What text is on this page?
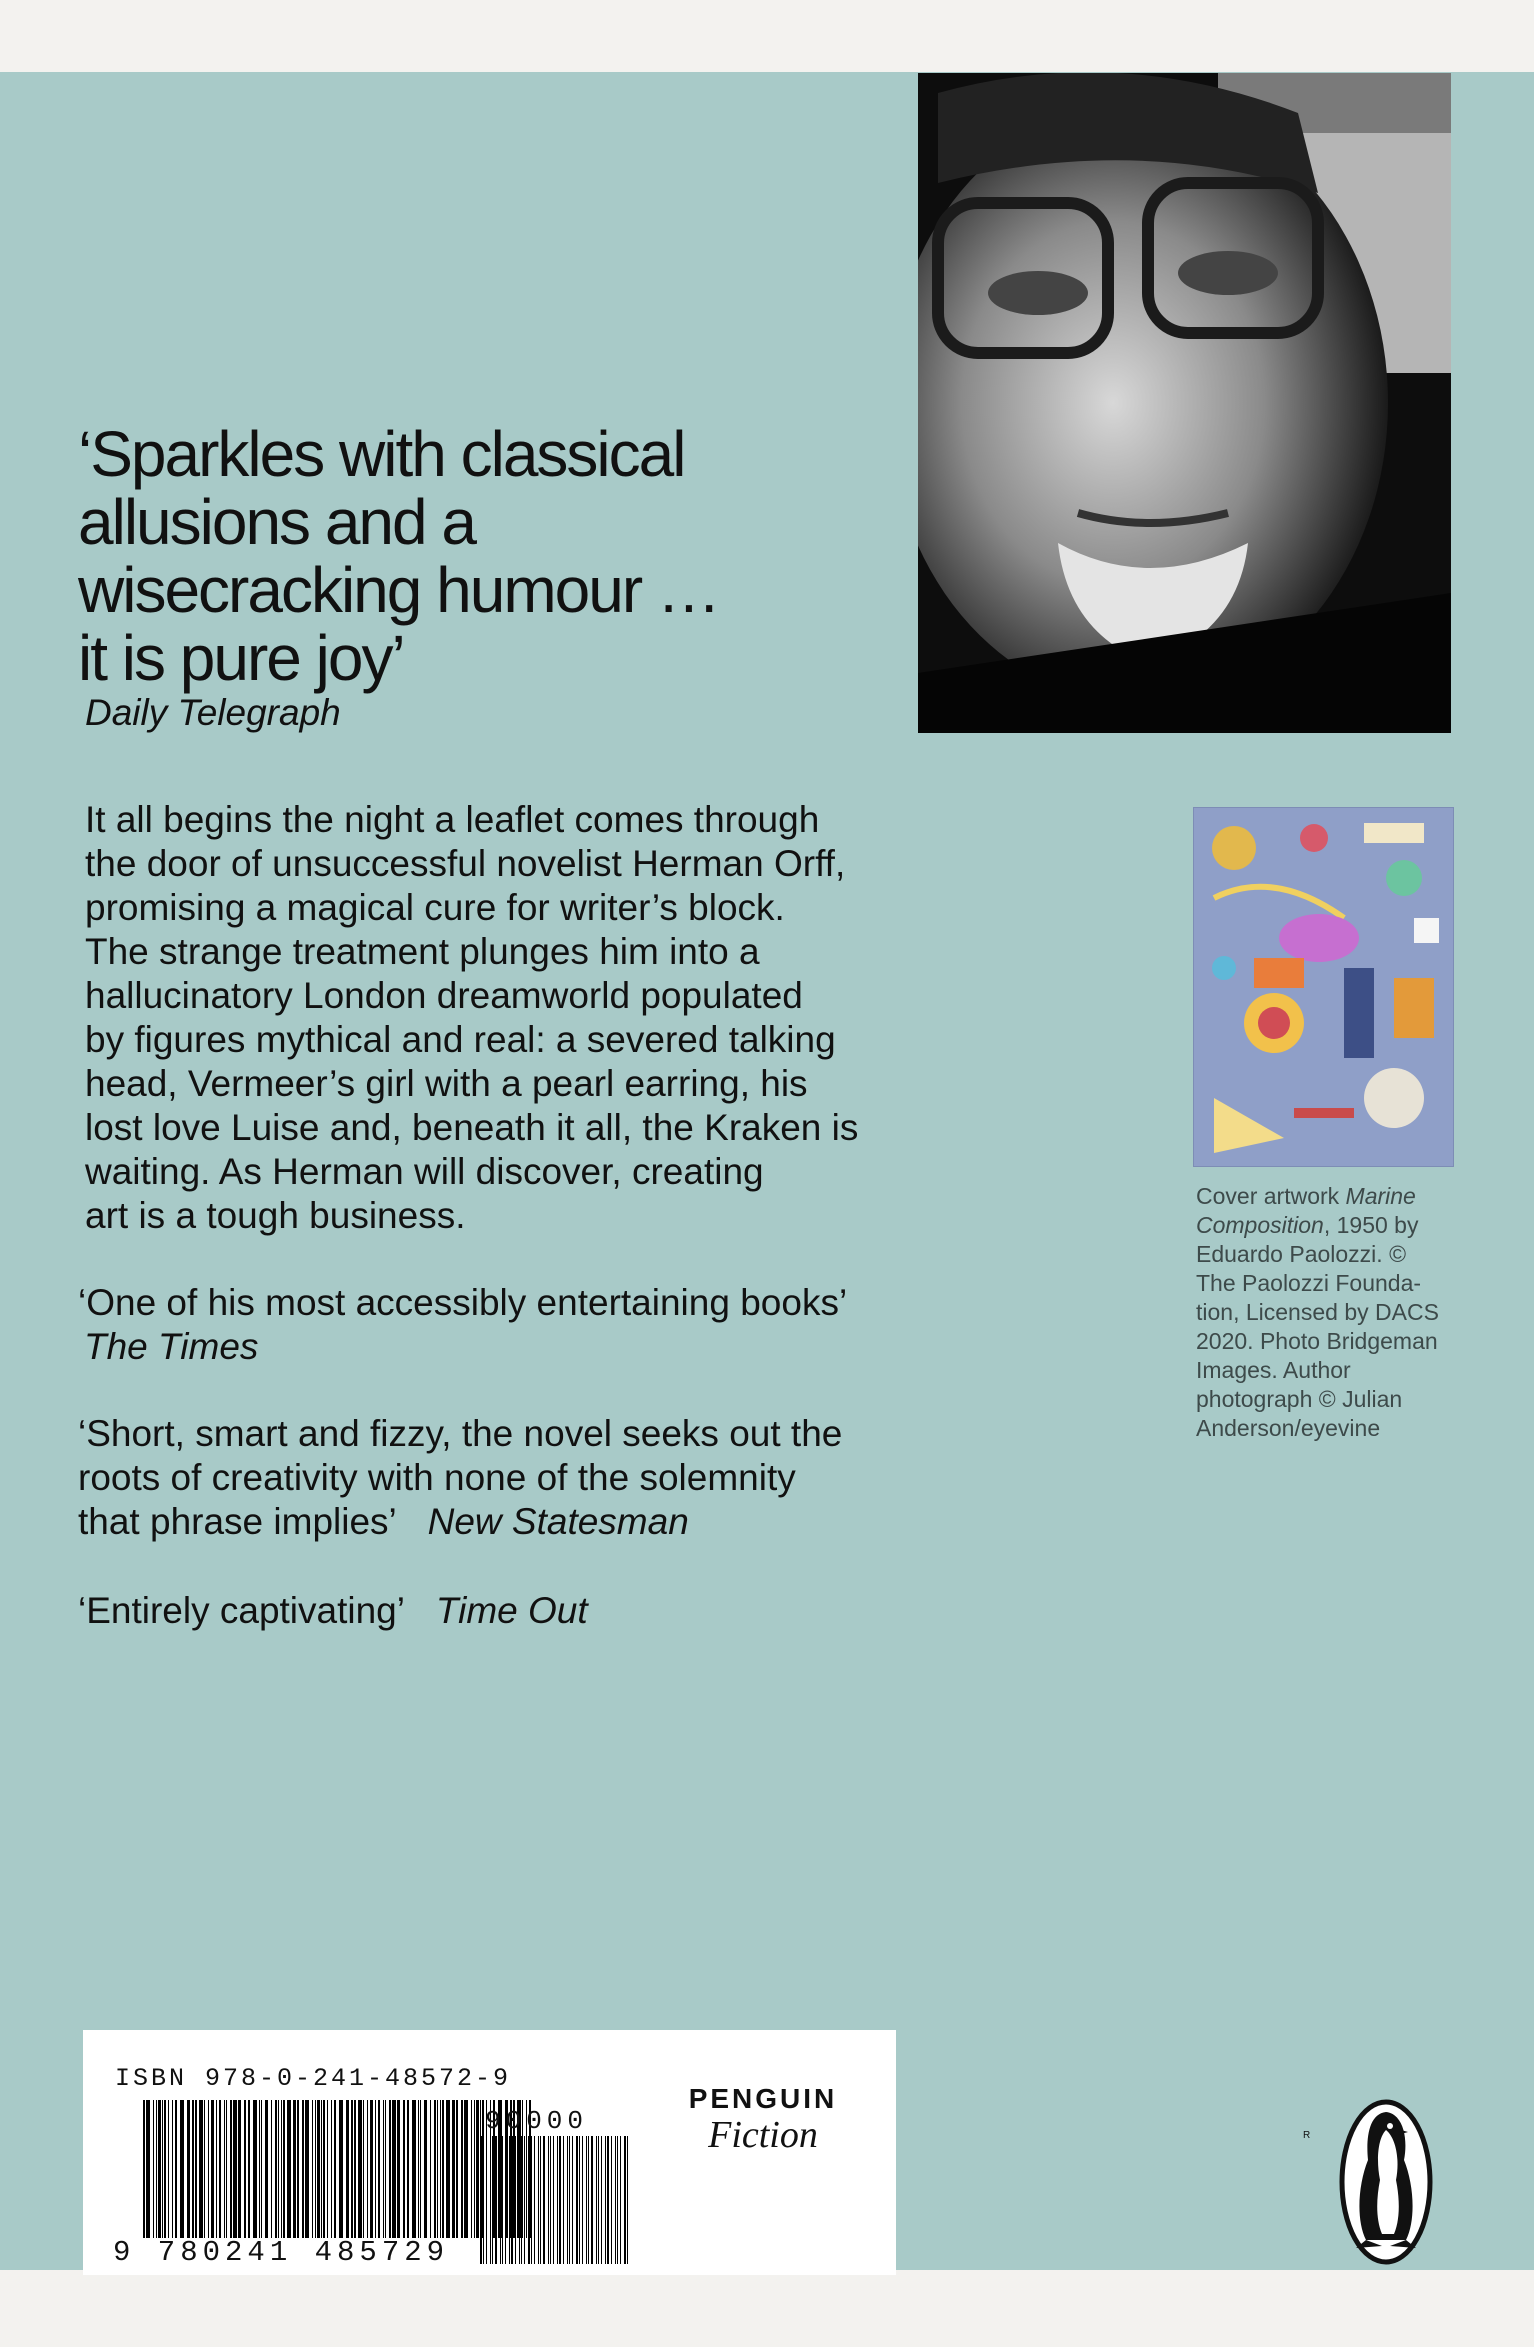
‘Sparkles with classical
allusions and a
wisecracking humour …
it is pure joy’
Daily Telegraph
It all begins the night a leaflet comes through
the door of unsuccessful novelist Herman Orff,
promising a magical cure for writer’s block.
The strange treatment plunges him into a
hallucinatory London dreamworld populated
by figures mythical and real: a severed talking
head, Vermeer’s girl with a pearl earring, his
lost love Luise and, beneath it all, the Kraken is
waiting. As Herman will discover, creating
art is a tough business.
‘One of his most accessibly entertaining books’
The Times
‘Short, smart and fizzy, the novel seeks out the
roots of creativity with none of the solemnity
that phrase implies’ New Statesman
‘Entirely captivating’ Time Out
Cover artwork Marine
Composition, 1950 by
Eduardo Paolozzi. ©
The Paolozzi Founda-
tion, Licensed by DACS
2020. Photo Bridgeman
Images. Author
photograph © Julian
Anderson/eyevine
ISBN 978-0-241-48572-9
90000
9 780241 485729
PENGUIN
Fiction	R
